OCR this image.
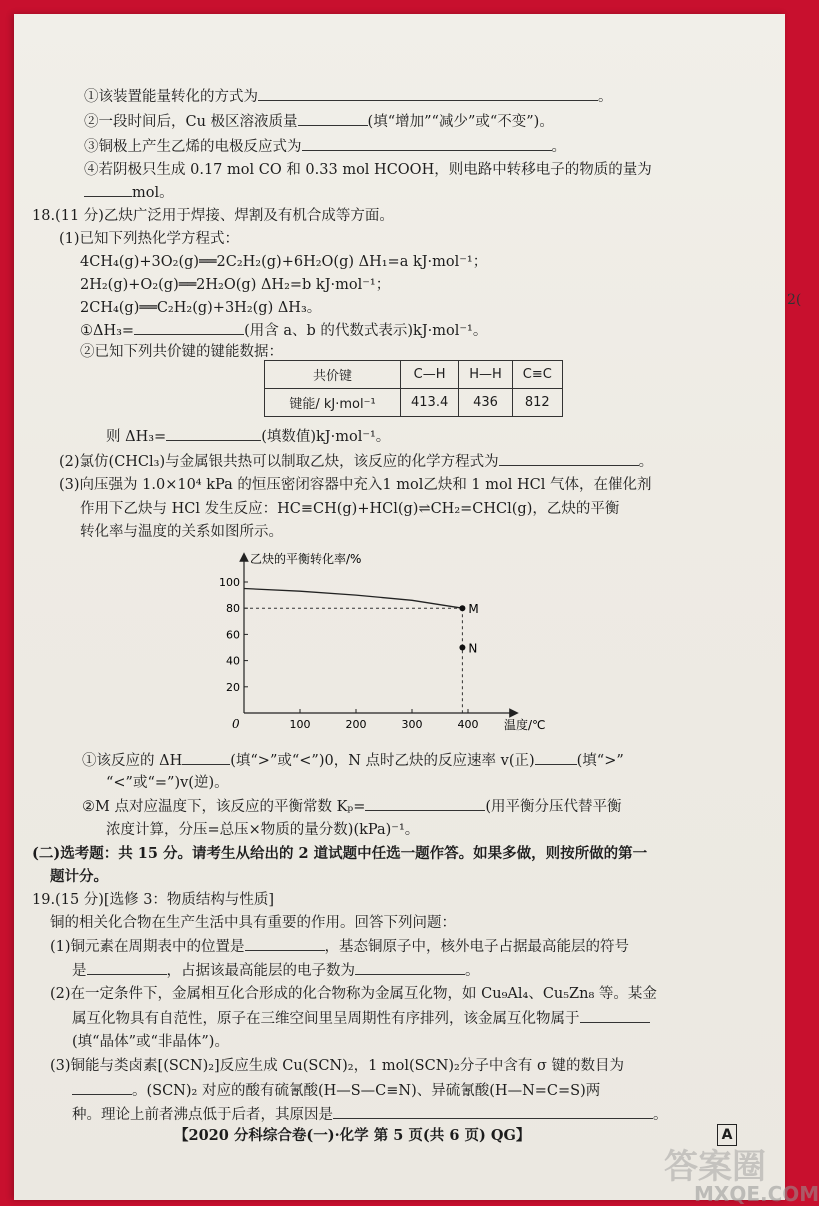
①该装置能量转化的方式为	。
②一段时间后，Cu 极区溶液质量	(填“增加”“减少”或“不变”)。
③铜极上产生乙烯的电极反应式为	。
④若阴极只生成 0.17 mol CO 和 0.33 mol HCOOH，则电路中转移电子的物质的量为
mol。
18.(11 分)乙炔广泛用于焊接、焊割及有机合成等方面。
(1)已知下列热化学方程式：
4CH₄(g)+3O₂(g)══2C₂H₂(g)+6H₂O(g) ΔH₁=a kJ·mol⁻¹；
2H₂(g)+O₂(g)══2H₂O(g) ΔH₂=b kJ·mol⁻¹；
2CH₄(g)══C₂H₂(g)+3H₂(g) ΔH₃。
①ΔH₃=	(用含 a、b 的代数式表示)kJ·mol⁻¹。
②已知下列共价键的键能数据：
共价键	C—H	H—H	C≡C
键能/ kJ·mol⁻¹	413.4	436	812
则 ΔH₃=	(填数值)kJ·mol⁻¹。
(2)氯仿(CHCl₃)与金属银共热可以制取乙炔，该反应的化学方程式为	。
(3)向压强为 1.0×10⁴ kPa 的恒压密闭容器中充入1 mol乙炔和 1 mol HCl 气体，在催化剂
作用下乙炔与 HCl 发生反应：HC≡CH(g)+HCl(g)⇌CH₂=CHCl(g)，乙炔的平衡
转化率与温度的关系如图所示。
乙炔的平衡转化率/%
温度/℃
0	100	200	300	400
20
40
60
80
100
M
N
①该反应的 ΔH	(填“>”或“<”)0，N 点时乙炔的反应速率 v(正)	(填“>”
“<”或“=”)v(逆)。
②M 点对应温度下，该反应的平衡常数 Kₚ=	(用平衡分压代替平衡
浓度计算，分压=总压×物质的量分数)(kPa)⁻¹。
(二)选考题：共 15 分。请考生从给出的 2 道试题中任选一题作答。如果多做，则按所做的第一
题计分。
19.(15 分)[选修 3：物质结构与性质]
铜的相关化合物在生产生活中具有重要的作用。回答下列问题：
(1)铜元素在周期表中的位置是	，基态铜原子中，核外电子占据最高能层的符号
是	，占据该最高能层的电子数为	。
(2)在一定条件下，金属相互化合形成的化合物称为金属互化物，如 Cu₉Al₄、Cu₅Zn₈ 等。某金
属互化物具有自范性，原子在三维空间里呈周期性有序排列，该金属互化物属于
(填“晶体”或“非晶体”)。
(3)铜能与类卤素[(SCN)₂]反应生成 Cu(SCN)₂，1 mol(SCN)₂分子中含有 σ 键的数目为
。(SCN)₂ 对应的酸有硫氰酸(H—S—C≡N)、异硫氰酸(H—N=C=S)两
种。理论上前者沸点低于后者，其原因是	。
【2020 分科综合卷(一)·化学 第 5 页(共 6 页) QG】	A
2(
答案圈
MXQE.COM
